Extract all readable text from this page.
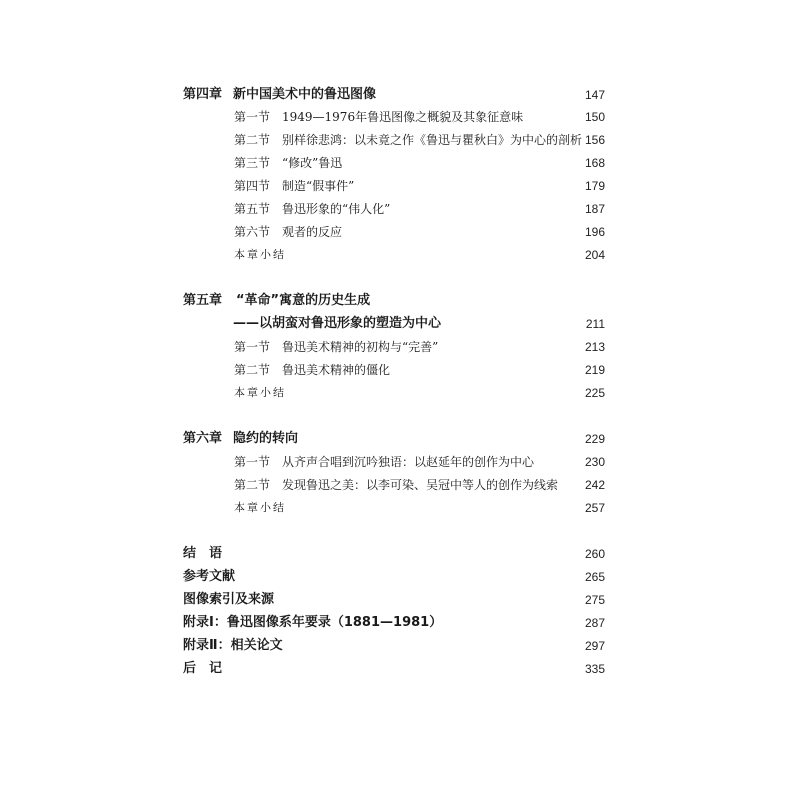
第四章 新中国美术中的鲁迅图像	147
第一节 1949—1976年鲁迅图像之概貌及其象征意味	150
第二节 别样徐悲鸿：以未竟之作《鲁迅与瞿秋白》为中心的剖析 156
第三节 “修改”鲁迅	168
第四节 制造“假事件”	179
第五节 鲁迅形象的“伟人化”	187
第六节 观者的反应	196
本章小结	204
第五章 “革命”寓意的历史生成
——以胡蛮对鲁迅形象的塑造为中心	211
第一节 鲁迅美术精神的初构与“完善”	213
第二节 鲁迅美术精神的僵化	219
本章小结	225
第六章 隐约的转向	229
第一节 从齐声合唱到沉吟独语：以赵延年的创作为中心	230
第二节 发现鲁迅之美：以李可染、吴冠中等人的创作为线索 242
本章小结	257
结　语	260
参考文献	265
图像索引及来源	275
附录Ⅰ：鲁迅图像系年要录（1881—1981）	287
附录Ⅱ：相关论文	297
后　记	335
